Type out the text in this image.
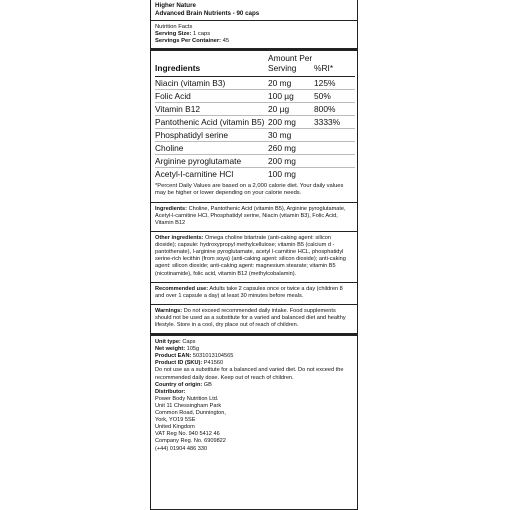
Higher Nature
Advanced Brain Nutrients - 90 caps
Nutrition Facts
Serving Size: 1 caps
Servings Per Container: 45
Ingredients	Amount Per Serving	%RI*
Niacin (vitamin B3)	20 mg	125%
Folic Acid	100 µg	50%
Vitamin B12	20 µg	800%
Pantothenic Acid (vitamin B5)	200 mg	3333%
Phosphatidyl serine	30 mg	
Choline	260 mg	
Arginine pyroglutamate	200 mg	
Acetyl-l-carnitine HCl	100 mg	
*Percent Daily Values are based on a 2,000 calorie diet. Your daily values may be higher or lower depending on your calorie needs.
Ingredients: Choline, Pantothenic Acid (vitamin B5), Arginine pyroglutamate, Acetyl-l-carnitine HCl, Phosphatidyl serine, Niacin (vitamin B3), Folic Acid, Vitamin B12
Other ingredients: Omega choline bitartrate (anti-caking agent: silicon dioxide); capsule: hydroxypropyl methylcellulose; vitamin B5 (calcium d -pantothenate), l-arginine pyroglutamate, acetyl l-carnitine HCL, phosphatidyl serine-rich lecithin (from soya) (anti-caking agent: silicon dioxide); anti-caking agent: silicon dioxide; anti-caking agent: magnesium stearate; vitamin B5 (nicotinamide), folic acid, vitamin B12 (methylcobalamin).
Recommended use: Adults take 2 capsules once or twice a day (children 8 and over 1 capsule a day) at least 30 minutes before meals.
Warnings: Do not exceed recommended daily intake. Food supplements should not be used as a substitute for a varied and balanced diet and healthy lifestyle. Store in a cool, dry place out of reach of children.
Unit type: Caps
Net weight: 105g
Product EAN: 5031013104565
Product ID (SKU): P41560
Do not use as a substitute for a balanced and varied diet. Do not exceed the recommended daily dose. Keep out of reach of children.
Country of origin: GB
Distributor:
Power Body Nutrition Ltd.
Unit 11 Chessingham Park
Common Road, Dunnington,
York, YO19 5SE
United Kingdom
VAT Reg No. 940 5412 46
Company Reg. No. 6909822
(+44) 01904 486 330
